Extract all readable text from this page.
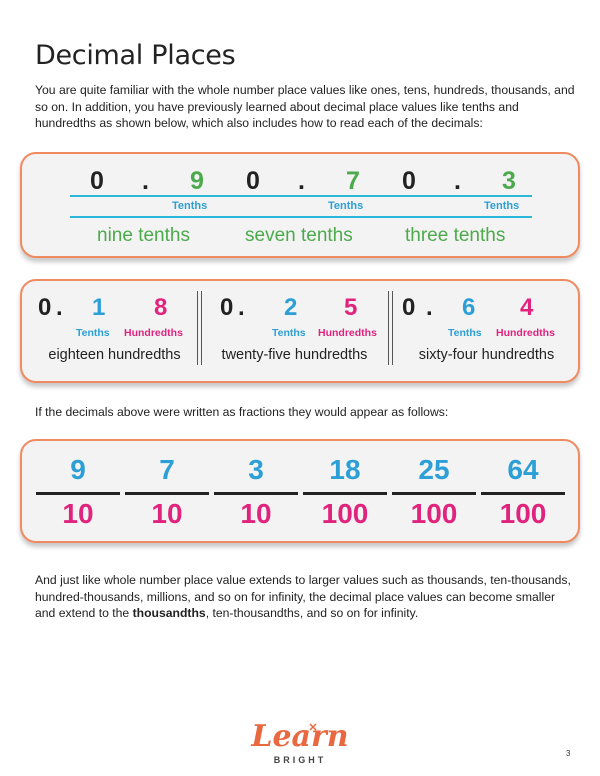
Decimal Places

You are quite familiar with the whole number place values like ones, tens, hundreds, thousands, and so on. In addition, you have previously learned about decimal place values like tenths and hundredths as shown below, which also includes how to read each of the decimals:

0 . 9 0 . 7 0 . 3
Tenths	Tenths	Tenths
nine tenths	seven tenths	three tenths
0 . 1 8
Tenths Hundredths
eighteen hundredths
0 . 2 5
Tenths Hundredths
twenty-five hundredths
0 . 6 4
Tenths Hundredths
sixty-four hundredths

If the decimals above were written as fractions they would appear as follows:

9
10
7
10
3
10
18
100
25
100
64
100

And just like whole number place value extends to larger values such as thousands, ten-thousands, hundred-thousands, millions, and so on for infinity, the decimal place values can become smaller and extend to the thousandths, ten-thousandths, and so on for infinity.

Learn
BRIGHT
3
